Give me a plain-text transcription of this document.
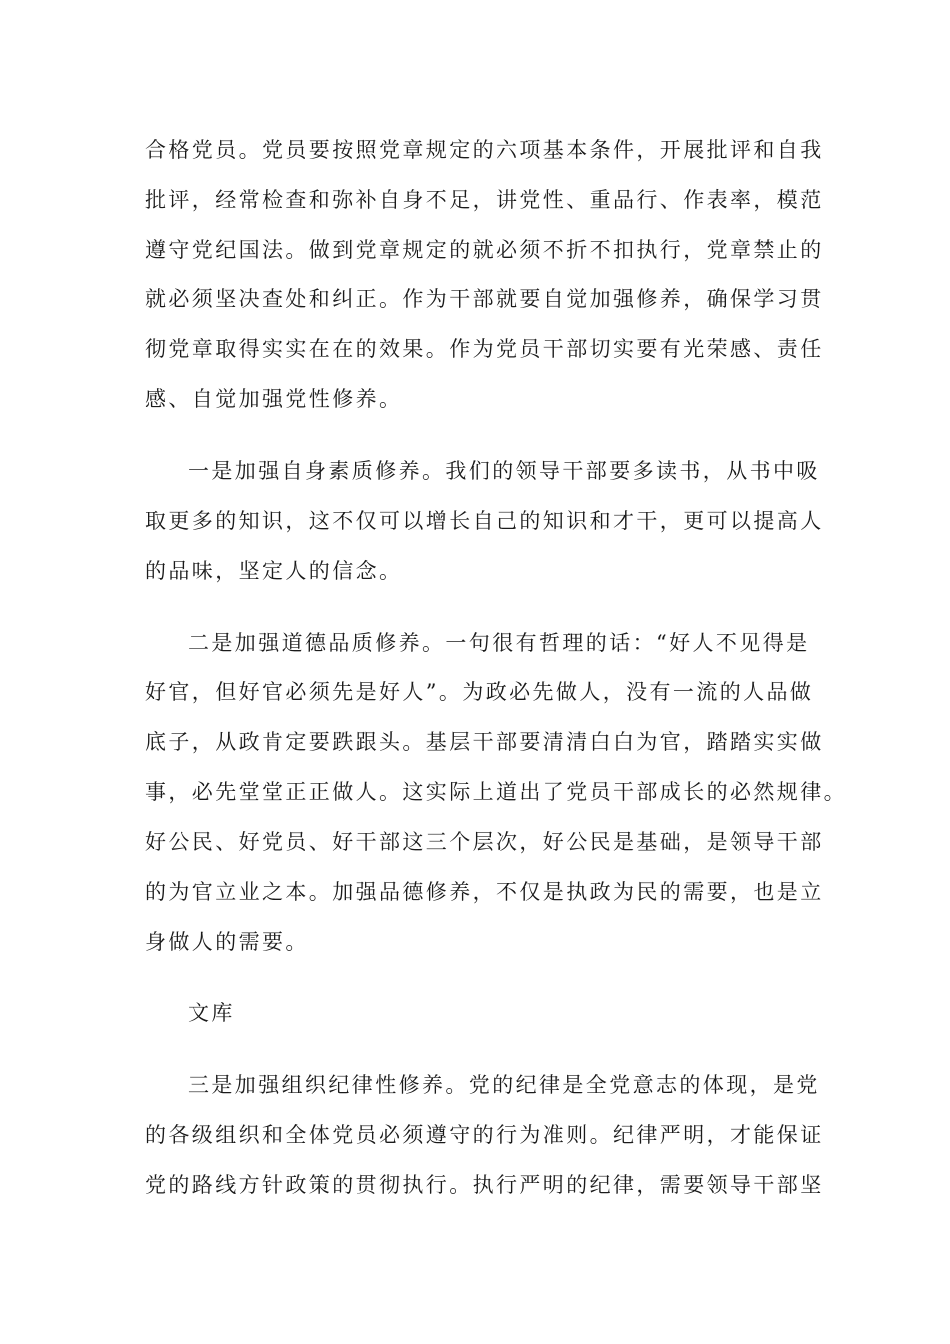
合格党员。党员要按照党章规定的六项基本条件，开展批评和自我
批评，经常检查和弥补自身不足，讲党性、重品行、作表率，模范
遵守党纪国法。做到党章规定的就必须不折不扣执行，党章禁止的
就必须坚决查处和纠正。作为干部就要自觉加强修养，确保学习贯
彻党章取得实实在在的效果。作为党员干部切实要有光荣感、责任
感、自觉加强党性修养。
一是加强自身素质修养。我们的领导干部要多读书，从书中吸
取更多的知识，这不仅可以增长自己的知识和才干，更可以提高人
的品味，坚定人的信念。
二是加强道德品质修养。一句很有哲理的话：“好人不见得是
好官，但好官必须先是好人”。为政必先做人，没有一流的人品做
底子，从政肯定要跌跟头。基层干部要清清白白为官，踏踏实实做
事，必先堂堂正正做人。这实际上道出了党员干部成长的必然规律。
好公民、好党员、好干部这三个层次，好公民是基础，是领导干部
的为官立业之本。加强品德修养，不仅是执政为民的需要，也是立
身做人的需要。
文库
三是加强组织纪律性修养。党的纪律是全党意志的体现，是党
的各级组织和全体党员必须遵守的行为准则。纪律严明，才能保证
党的路线方针政策的贯彻执行。执行严明的纪律，需要领导干部坚
